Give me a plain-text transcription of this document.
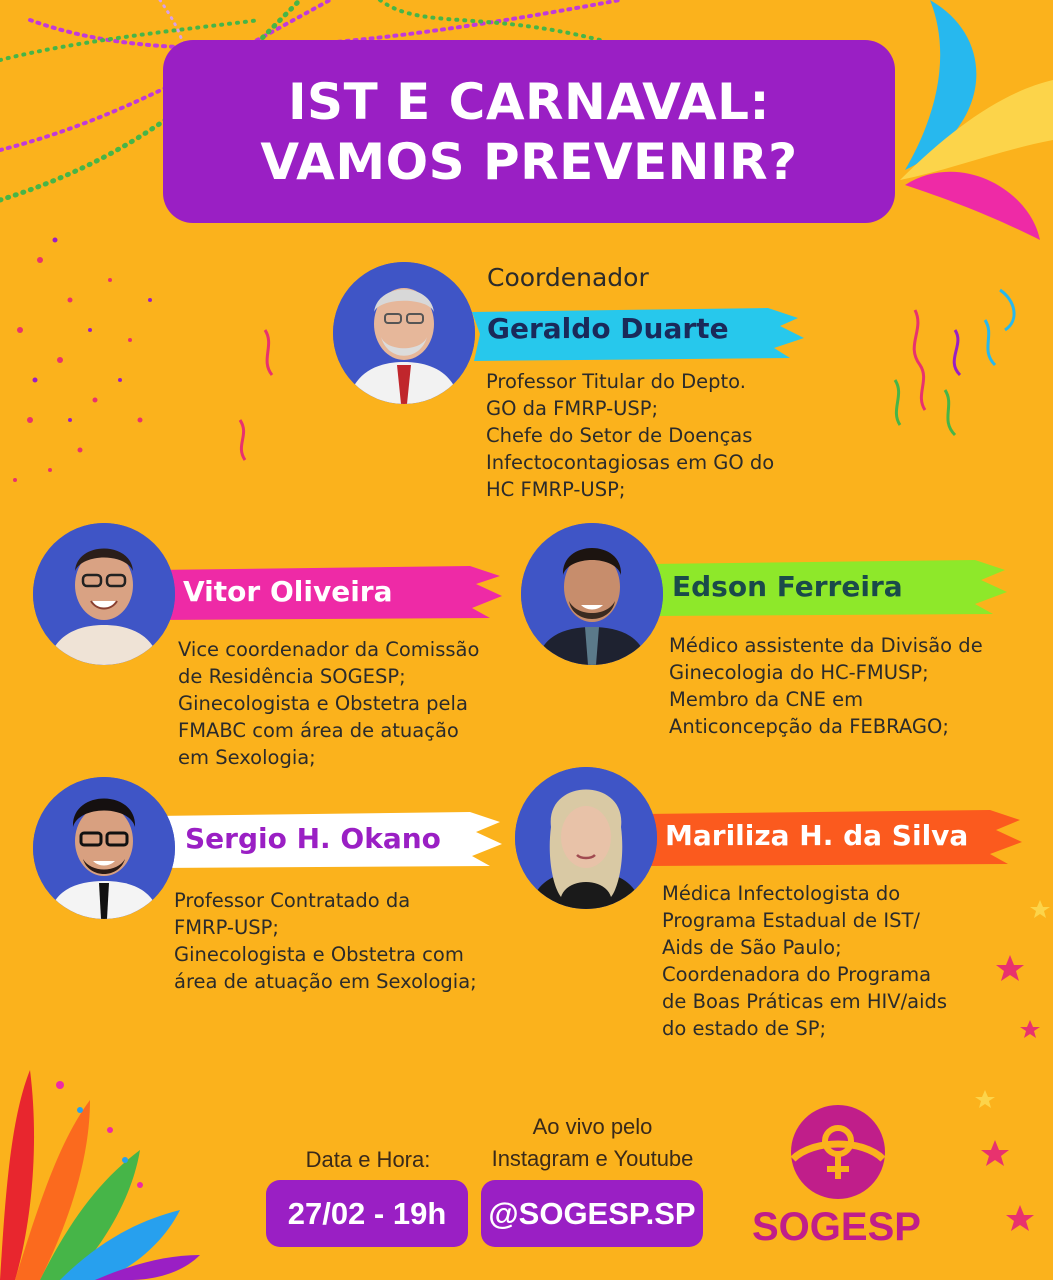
IST E CARNAVAL:
VAMOS PREVENIR?
Coordenador
Geraldo Duarte
Professor Titular do Depto.
GO da FMRP-USP;
Chefe do Setor de Doenças
Infectocontagiosas em GO do
HC FMRP-USP;
Vitor Oliveira
Vice coordenador da Comissão
de Residência SOGESP;
Ginecologista e Obstetra pela
FMABC com área de atuação
em Sexologia;
Edson Ferreira
Médico assistente da Divisão de
Ginecologia do HC-FMUSP;
Membro da CNE em
Anticoncepção da FEBRAGO;
Sergio H. Okano
Professor Contratado da
FMRP-USP;
Ginecologista e Obstetra com
área de atuação em Sexologia;
Mariliza H. da Silva
Médica Infectologista do
Programa Estadual de IST/
Aids de São Paulo;
Coordenadora do Programa
de Boas Práticas em HIV/aids
do estado de SP;
Data e Hora:
27/02 - 19h
Ao vivo pelo
Instagram e Youtube
@SOGESP.SP SOGESP
